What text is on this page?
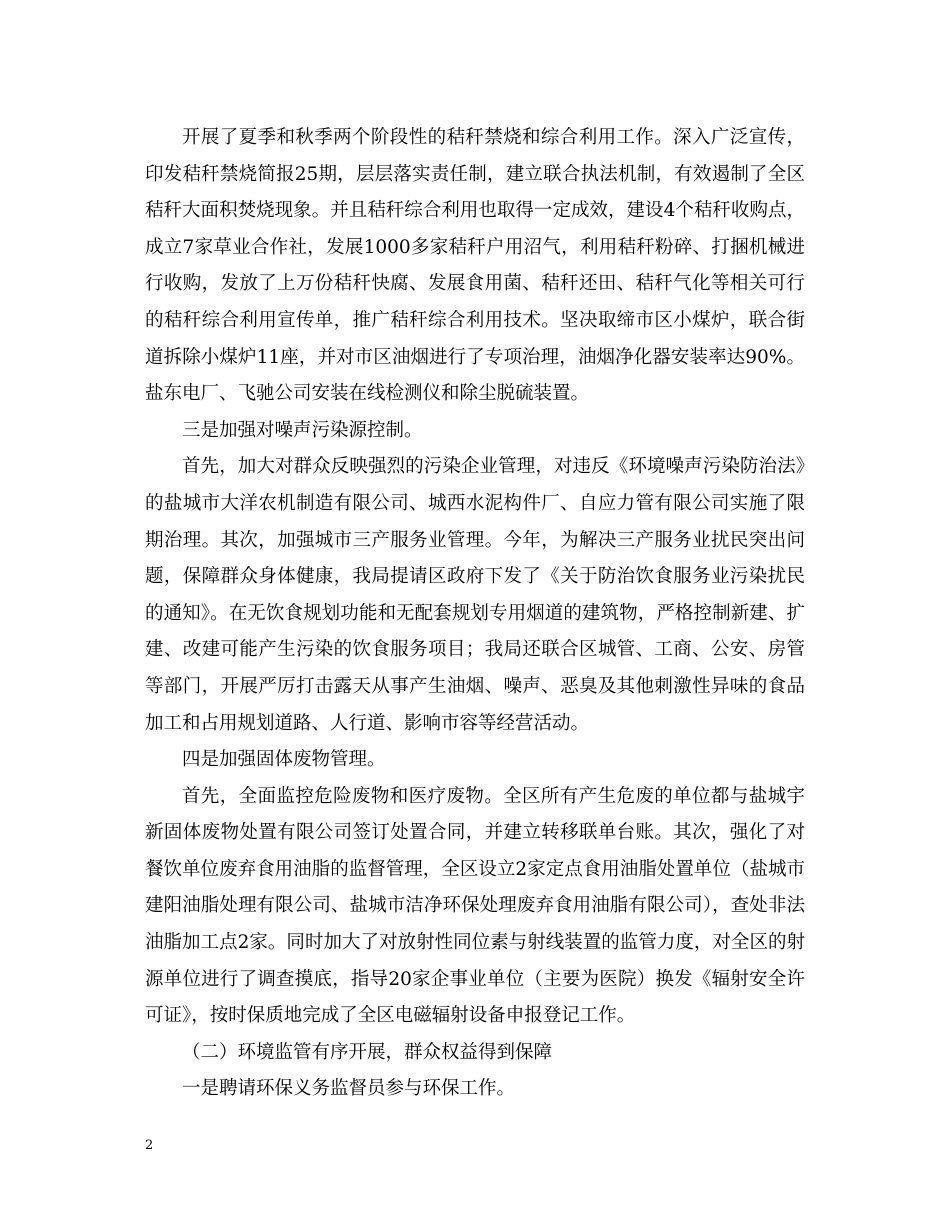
开展了夏季和秋季两个阶段性的秸秆禁烧和综合利用工作。深入广泛宣传，印发秸秆禁烧简报25期，层层落实责任制，建立联合执法机制，有效遏制了全区秸秆大面积焚烧现象。并且秸秆综合利用也取得一定成效，建设4个秸秆收购点，成立7家草业合作社，发展1000多家秸秆户用沼气，利用秸秆粉碎、打捆机械进行收购，发放了上万份秸秆快腐、发展食用菌、秸秆还田、秸秆气化等相关可行的秸秆综合利用宣传单，推广秸秆综合利用技术。坚决取缔市区小煤炉，联合街道拆除小煤炉11座，并对市区油烟进行了专项治理，油烟净化器安装率达90%。盐东电厂、飞驰公司安装在线检测仪和除尘脱硫装置。

三是加强对噪声污染源控制。

首先，加大对群众反映强烈的污染企业管理，对违反《环境噪声污染防治法》的盐城市大洋农机制造有限公司、城西水泥构件厂、自应力管有限公司实施了限期治理。其次，加强城市三产服务业管理。今年，为解决三产服务业扰民突出问题，保障群众身体健康，我局提请区政府下发了《关于防治饮食服务业污染扰民的通知》。在无饮食规划功能和无配套规划专用烟道的建筑物，严格控制新建、扩建、改建可能产生污染的饮食服务项目；我局还联合区城管、工商、公安、房管等部门，开展严厉打击露天从事产生油烟、噪声、恶臭及其他刺激性异味的食品加工和占用规划道路、人行道、影响市容等经营活动。

四是加强固体废物管理。

首先，全面监控危险废物和医疗废物。全区所有产生危废的单位都与盐城宇新固体废物处置有限公司签订处置合同，并建立转移联单台账。其次，强化了对餐饮单位废弃食用油脂的监督管理，全区设立2家定点食用油脂处置单位（盐城市建阳油脂处理有限公司、盐城市洁净环保处理废弃食用油脂有限公司），查处非法油脂加工点2家。同时加大了对放射性同位素与射线装置的监管力度，对全区的射源单位进行了调查摸底，指导20家企事业单位（主要为医院）换发《辐射安全许可证》，按时保质地完成了全区电磁辐射设备申报登记工作。

（二）环境监管有序开展，群众权益得到保障

一是聘请环保义务监督员参与环保工作。

2
